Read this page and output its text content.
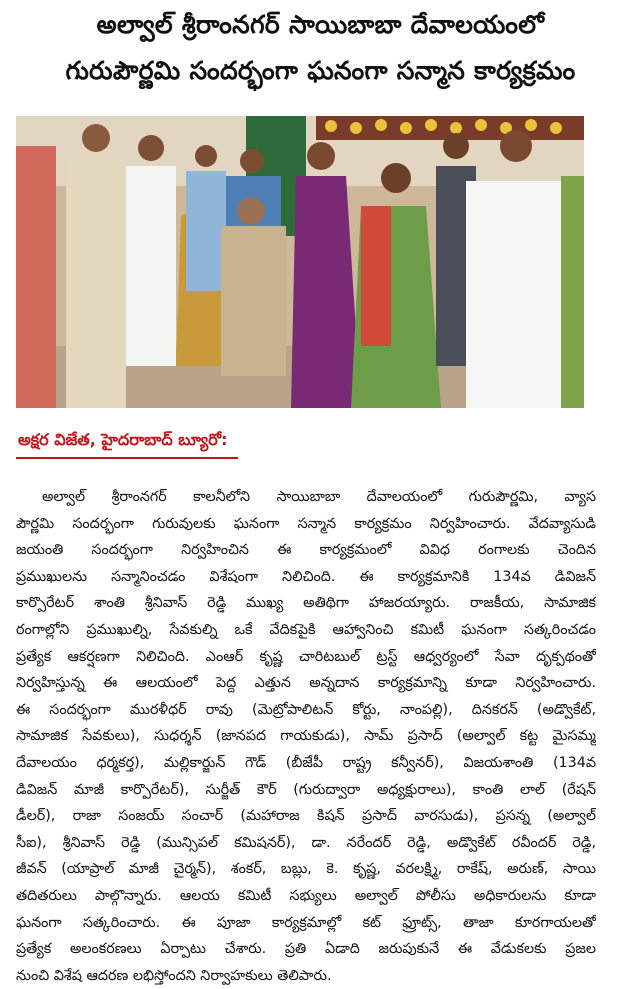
అల్వాల్ శ్రీరాంనగర్ సాయిబాబా దేవాలయంలో
గురుపౌర్ణమి సందర్భంగా ఘనంగా సన్మాన కార్యక్రమం
అక్షర విజేత, హైదరాబాద్ బ్యూరో:
అల్వాల్ శ్రీరాంనగర్ కాలనీలోని సాయిబాబా దేవాలయంలో గురుపౌర్ణమి, వ్యాస
పౌర్ణమి సందర్భంగా గురువులకు ఘనంగా సన్మాన కార్యక్రమం నిర్వహించారు. వేదవ్యాసుడి
జయంతి సందర్భంగా నిర్వహించిన ఈ కార్యక్రమంలో వివిధ రంగాలకు చెందిన
ప్రముఖులను సన్మానించడం విశేషంగా నిలిచింది. ఈ కార్యక్రమానికి 134వ డివిజన్
కార్పొరేటర్ శాంతి శ్రీనివాస్ రెడ్డి ముఖ్య అతిథిగా హాజరయ్యారు. రాజకీయ, సామాజిక
రంగాల్లోని ప్రముఖుల్ని, సేవకుల్ని ఒకే వేదికపైకి ఆహ్వానించి కమిటీ ఘనంగా సత్కరించడం
ప్రత్యేక ఆకర్షణగా నిలిచింది. ఎంఆర్ కృష్ణ చారిటబుల్ ట్రస్ట్ ఆధ్వర్యంలో సేవా దృక్పథంతో
నిర్వహిస్తున్న ఈ ఆలయంలో పెద్ద ఎత్తున అన్నదాన కార్యక్రమాన్ని కూడా నిర్వహించారు.
ఈ సందర్భంగా మురళీధర్ రావు (మెట్రోపాలిటన్ కోర్టు, నాంపల్లి), దినకరన్ (అడ్వొకేట్,
సామాజిక సేవకులు), సుధర్శన్ (జానపద గాయకుడు), సామ్ ప్రసాద్ (అల్వాల్ కట్ట మైసమ్మ
దేవాలయం ధర్మకర్త), మల్లికార్జున్ గౌడ్ (బీజేపీ రాష్ట్ర కన్వీనర్), విజయశాంతి (134వ
డివిజన్ మాజీ కార్పొరేటర్), సుర్జీత్ కౌర్ (గురుద్వారా అధ్యక్షురాలు), కాంతి లాల్ (రేషన్
డీలర్), రాజా సంజయ్ సంచార్ (మహారాజ కిషన్ ప్రసాద్ వారసుడు), ప్రసన్న (అల్వాల్
సీఐ), శ్రీనివాస్ రెడ్డి (మున్సిపల్ కమిషనర్), డా. నరేందర్ రెడ్డి, అడ్వొకేట్ రవీందర్ రెడ్డి,
జీవన్ (యాప్రాల్ మాజీ చైర్మన్), శంకర్, బబ్లు, కె. కృష్ణ, వరలక్ష్మి, రాకేష్, అరుణ్, సాయి
తదితరులు పాల్గొన్నారు. ఆలయ కమిటీ సభ్యులు అల్వాల్ పోలీసు అధికారులను కూడా
ఘనంగా సత్కరించారు. ఈ పూజా కార్యక్రమాల్లో కట్ ఫ్రూట్స్, తాజా కూరగాయలతో
ప్రత్యేక అలంకరణలు ఏర్పాటు చేశారు. ప్రతి ఏడాది జరుపుకునే ఈ వేడుకలకు ప్రజల
నుంచి విశేష ఆదరణ లభిస్తోందని నిర్వాహకులు తెలిపారు.
